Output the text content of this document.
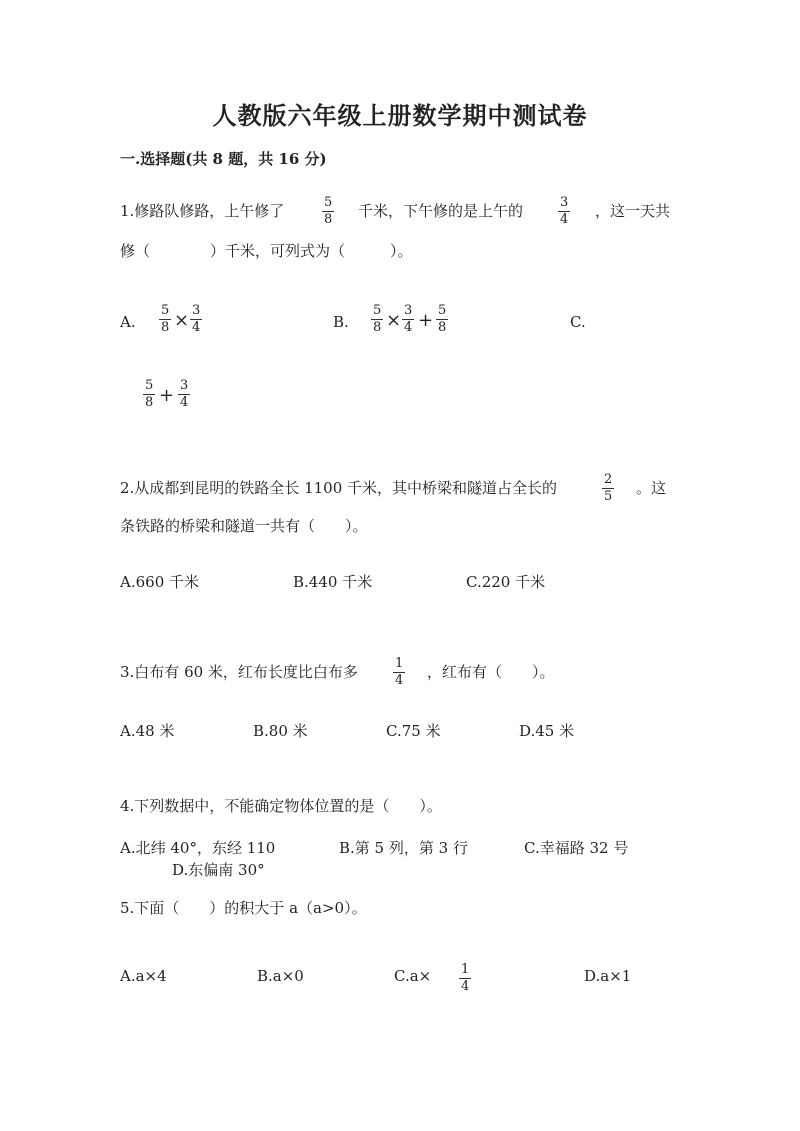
人教版六年级上册数学期中测试卷
一.选择题(共 8 题，共 16 分)
1.修路队修路，上午修了	5
8 千米，下午修的是上午的	3
4 ，这一天共
修（　　　　）千米，可列式为（　　　）。
A.
5
8 × 3
4	B.
5
8 × 3
4 + 5
8	C.
5
8 + 3
4
2.从成都到昆明的铁路全长 1100 千米，其中桥梁和隧道占全长的	2
5 。这
条铁路的桥梁和隧道一共有（　　）。
A.660 千米	B.440 千米	C.220 千米
3.白布有 60 米，红布长度比白布多	1
4 ，红布有（　　）。
A.48 米	B.80 米	C.75 米	D.45 米
4.下列数据中，不能确定物体位置的是（　　）。
A.北纬 40°，东经 110	B.第 5 列，第 3 行	C.幸福路 32 号
D.东偏南 30°
5.下面（　　）的积大于 a（a>0）。
A.a×4	B.a×0	C.a× 1
4
D.a×1
